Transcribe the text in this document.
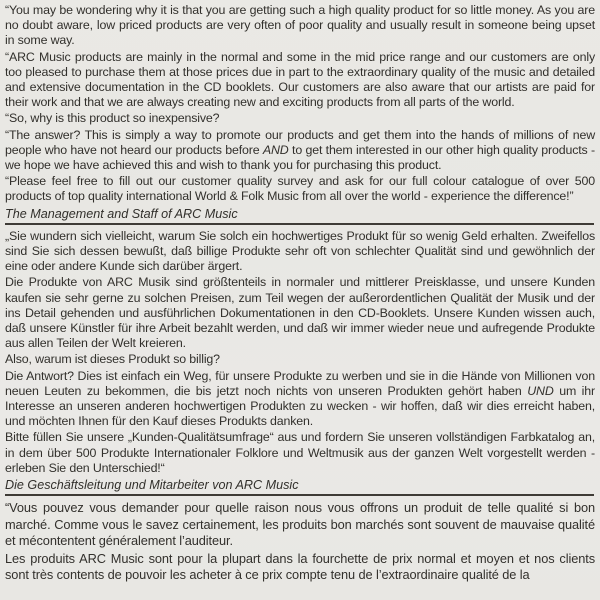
“You may be wondering why it is that you are getting such a high quality product for so little money. As you are no doubt aware, low priced products are very often of poor quality and usually result in someone being upset in some way.

“ARC Music products are mainly in the normal and some in the mid price range and our customers are only too pleased to purchase them at those prices due in part to the extraordinary quality of the music and detailed and extensive documentation in the CD booklets. Our customers are also aware that our artists are paid for their work and that we are always creating new and exciting products from all parts of the world.

“So, why is this product so inexpensive?

“The answer? This is simply a way to promote our products and get them into the hands of millions of new people who have not heard our products before AND to get them interested in our other high quality products - we hope we have achieved this and wish to thank you for purchasing this product.

“Please feel free to fill out our customer quality survey and ask for our full colour catalogue of over 500 products of top quality international World & Folk Music from all over the world - experience the difference!”

The Management and Staff of ARC Music

„Sie wundern sich vielleicht, warum Sie solch ein hochwertiges Produkt für so wenig Geld erhalten. Zweifellos sind Sie sich dessen bewußt, daß billige Produkte sehr oft von schlechter Qualität sind und gewöhnlich der eine oder andere Kunde sich darüber ärgert.

Die Produkte von ARC Musik sind größtenteils in normaler und mittlerer Preisklasse, und unsere Kunden kaufen sie sehr gerne zu solchen Preisen, zum Teil wegen der außerordentlichen Qualität der Musik und der ins Detail gehenden und ausführlichen Dokumentationen in den CD-Booklets. Unsere Kunden wissen auch, daß unsere Künstler für ihre Arbeit bezahlt werden, und daß wir immer wieder neue und aufregende Produkte aus allen Teilen der Welt kreieren.

Also, warum ist dieses Produkt so billig?

Die Antwort? Dies ist einfach ein Weg, für unsere Produkte zu werben und sie in die Hände von Millionen von neuen Leuten zu bekommen, die bis jetzt noch nichts von unseren Produkten gehört haben UND um ihr Interesse an unseren anderen hochwertigen Produkten zu wecken - wir hoffen, daß wir dies erreicht haben, und möchten Ihnen für den Kauf dieses Produkts danken.

Bitte füllen Sie unsere „Kunden-Qualitätsumfrage“ aus und fordern Sie unseren vollständigen Farbkatalog an, in dem über 500 Produkte Internationaler Folklore und Weltmusik aus der ganzen Welt vorgestellt werden - erleben Sie den Unterschied!“

Die Geschäftsleitung und Mitarbeiter von ARC Music

“Vous pouvez vous demander pour quelle raison nous vous offrons un produit de telle qualité si bon marché. Comme vous le savez certainement, les produits bon marchés sont souvent de mauvaise qualité et mécontentent généralement l’auditeur.

Les produits ARC Music sont pour la plupart dans la fourchette de prix normal et moyen et nos clients sont très contents de pouvoir les acheter à ce prix compte tenu de l’extraordinaire qualité de la
